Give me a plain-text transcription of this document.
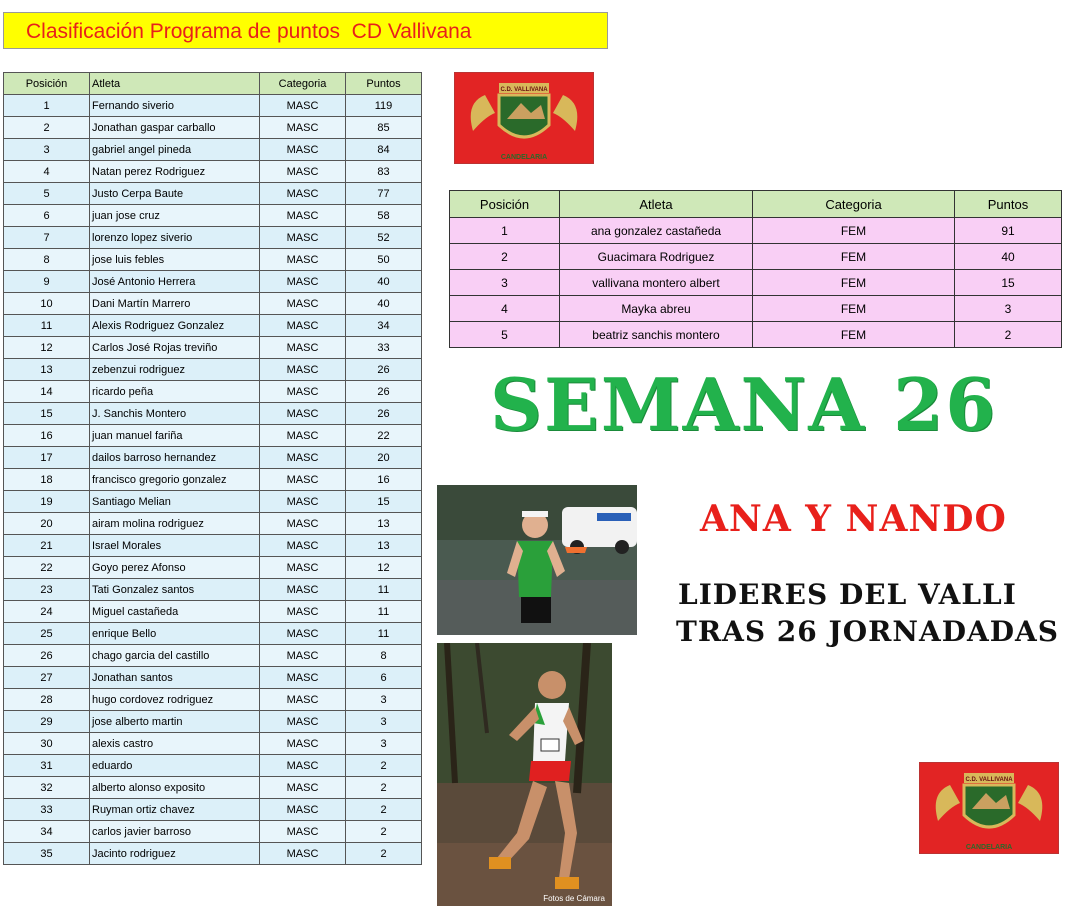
Clasificación Programa de puntos  CD Vallivana
Posición	Atleta	Categoria	Puntos
1	Fernando siverio	MASC	119
2	Jonathan gaspar carballo	MASC	85
3	gabriel angel pineda	MASC	84
4	Natan perez Rodriguez	MASC	83
5	Justo Cerpa Baute	MASC	77
6	juan jose cruz	MASC	58
7	lorenzo lopez siverio	MASC	52
8	jose luis febles	MASC	50
9	José Antonio Herrera	MASC	40
10	Dani Martín Marrero	MASC	40
11	Alexis Rodriguez Gonzalez	MASC	34
12	Carlos José Rojas treviño	MASC	33
13	zebenzui rodriguez	MASC	26
14	ricardo peña	MASC	26
15	J. Sanchis Montero	MASC	26
16	juan manuel fariña	MASC	22
17	dailos barroso hernandez	MASC	20
18	francisco gregorio gonzalez	MASC	16
19	Santiago Melian	MASC	15
20	airam molina rodriguez	MASC	13
21	Israel Morales	MASC	13
22	Goyo perez Afonso	MASC	12
23	Tati Gonzalez santos	MASC	11
24	Miguel castañeda	MASC	11
25	enrique Bello	MASC	11
26	chago garcia del castillo	MASC	8
27	Jonathan santos	MASC	6
28	hugo cordovez rodriguez	MASC	3
29	jose alberto martin	MASC	3
30	alexis castro	MASC	3
31	eduardo	MASC	2
32	alberto alonso exposito	MASC	2
33	Ruyman ortiz chavez	MASC	2
34	carlos javier barroso	MASC	2
35	Jacinto rodriguez	MASC	2
C.D. VALLIVANA
CANDELARIA
Posición	Atleta	Categoria	Puntos
1	ana gonzalez castañeda	FEM	91
2	Guacimara Rodriguez	FEM	40
3	vallivana montero albert	FEM	15
4	Mayka abreu	FEM	3
5	beatriz sanchis montero	FEM	2
SEMANA 26
ANA Y NANDO
LIDERES DEL VALLI
TRAS 26 JORNADADAS
Fotos de Cámara
C.D. VALLIVANA
CANDELARIA
